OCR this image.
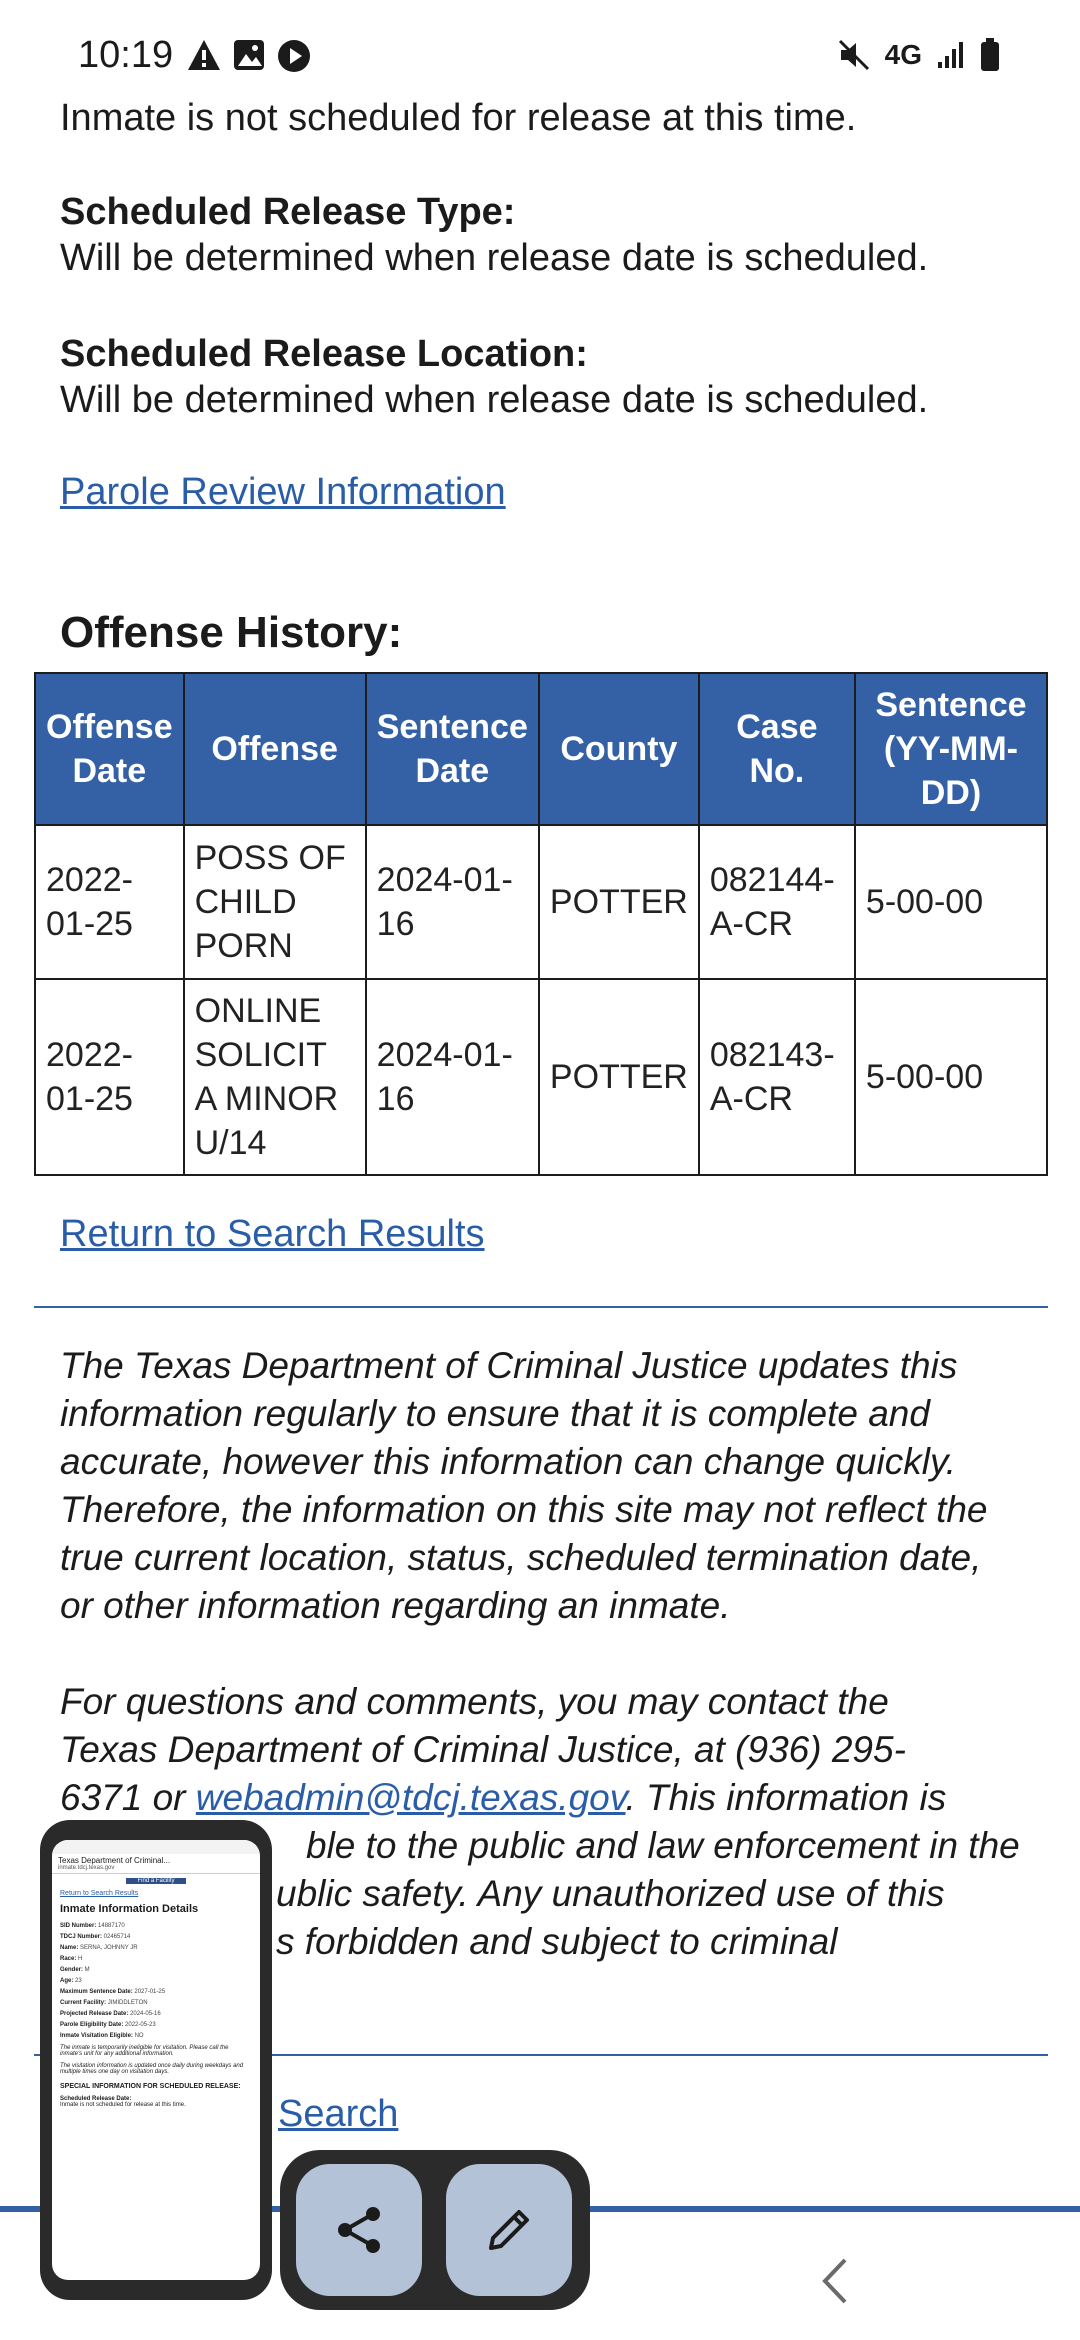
10:19	4G
Inmate is not scheduled for release at this time.
Scheduled Release Type:
Will be determined when release date is scheduled.
Scheduled Release Location:
Will be determined when release date is scheduled.
Parole Review Information
Offense History:
Offense Date	Offense	Sentence Date	County	Case No.	Sentence (YY-MM-DD)
2022-01-25	POSS OF CHILD PORN	2024-01-16	POTTER	082144-A-CR	5-00-00
2022-01-25	ONLINE SOLICIT A MINOR U/14	2024-01-16	POTTER	082143-A-CR	5-00-00
Return to Search Results
The Texas Department of Criminal Justice updates this information regularly to ensure that it is complete and accurate, however this information can change quickly. Therefore, the information on this site may not reflect the true current location, status, scheduled termination date, or other information regarding an inmate.
For questions and comments, you may contact the
Texas Department of Criminal Justice, at (936) 295-
6371 or webadmin@tdcj.texas.gov. This information is
ble to the public and law enforcement in the
ublic safety. Any unauthorized use of this
s forbidden and subject to criminal
Search
Texas Department of Criminal...
inmate.tdcj.texas.gov
Find a Facility
Return to Search Results
Inmate Information Details
SID Number: 14887170
TDCJ Number: 02465714
Name: SERNA, JOHNNY JR
Race: H
Gender: M
Age: 23
Maximum Sentence Date: 2027-01-25
Current Facility: JIMIDDLETON
Projected Release Date: 2024-05-16
Parole Eligibility Date: 2022-05-23
Inmate Visitation Eligible: NO
The inmate is temporarily ineligible for visitation. Please call the inmate's unit for any additional information.
The visitation information is updated once daily during weekdays and multiple times one day on visitation days.
SPECIAL INFORMATION FOR SCHEDULED RELEASE:
Scheduled Release Date:
Inmate is not scheduled for release at this time.
